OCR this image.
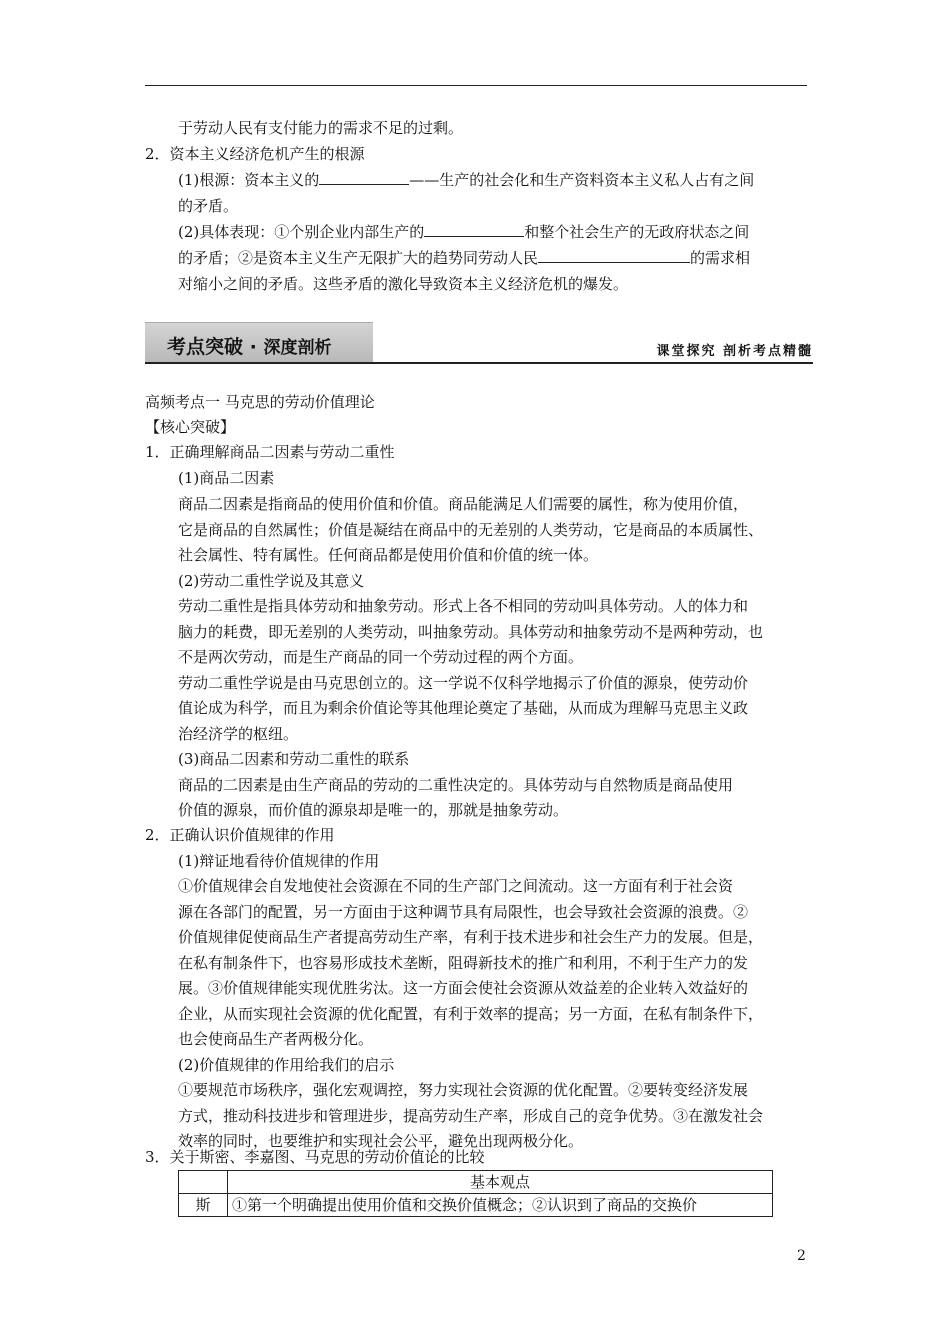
于劳动人民有支付能力的需求不足的过剩。
2．资本主义经济危机产生的根源
(1)根源：资本主义的	——生产的社会化和生产资料资本主义私人占有之间
的矛盾。
(2)具体表现：①个别企业内部生产的	和整个社会生产的无政府状态之间
的矛盾；②是资本主义生产无限扩大的趋势同劳动人民	的需求相
对缩小之间的矛盾。这些矛盾的激化导致资本主义经济危机的爆发。
考点突破 · 深度剖析	课堂探究 剖析考点精髓
高频考点一 马克思的劳动价值理论
【核心突破】
1．正确理解商品二因素与劳动二重性
(1)商品二因素
商品二因素是指商品的使用价值和价值。商品能满足人们需要的属性，称为使用价值，
它是商品的自然属性；价值是凝结在商品中的无差别的人类劳动，它是商品的本质属性、
社会属性、特有属性。任何商品都是使用价值和价值的统一体。
(2)劳动二重性学说及其意义
劳动二重性是指具体劳动和抽象劳动。形式上各不相同的劳动叫具体劳动。人的体力和
脑力的耗费，即无差别的人类劳动，叫抽象劳动。具体劳动和抽象劳动不是两种劳动，也
不是两次劳动，而是生产商品的同一个劳动过程的两个方面。
劳动二重性学说是由马克思创立的。这一学说不仅科学地揭示了价值的源泉，使劳动价
值论成为科学，而且为剩余价值论等其他理论奠定了基础，从而成为理解马克思主义政
治经济学的枢纽。
(3)商品二因素和劳动二重性的联系
商品的二因素是由生产商品的劳动的二重性决定的。具体劳动与自然物质是商品使用
价值的源泉，而价值的源泉却是唯一的，那就是抽象劳动。
2．正确认识价值规律的作用
(1)辩证地看待价值规律的作用
①价值规律会自发地使社会资源在不同的生产部门之间流动。这一方面有利于社会资
源在各部门的配置，另一方面由于这种调节具有局限性，也会导致社会资源的浪费。②
价值规律促使商品生产者提高劳动生产率，有利于技术进步和社会生产力的发展。但是，
在私有制条件下，也容易形成技术垄断，阻碍新技术的推广和利用，不利于生产力的发
展。③价值规律能实现优胜劣汰。这一方面会使社会资源从效益差的企业转入效益好的
企业，从而实现社会资源的优化配置，有利于效率的提高；另一方面，在私有制条件下，
也会使商品生产者两极分化。
(2)价值规律的作用给我们的启示
①要规范市场秩序，强化宏观调控，努力实现社会资源的优化配置。②要转变经济发展
方式，推动科技进步和管理进步，提高劳动生产率，形成自己的竞争优势。③在激发社会
效率的同时，也要维护和实现社会公平，避免出现两极分化。
3．关于斯密、李嘉图、马克思的劳动价值论的比较
	基本观点
斯	①第一个明确提出使用价值和交换价值概念；②认识到了商品的交换价
2
